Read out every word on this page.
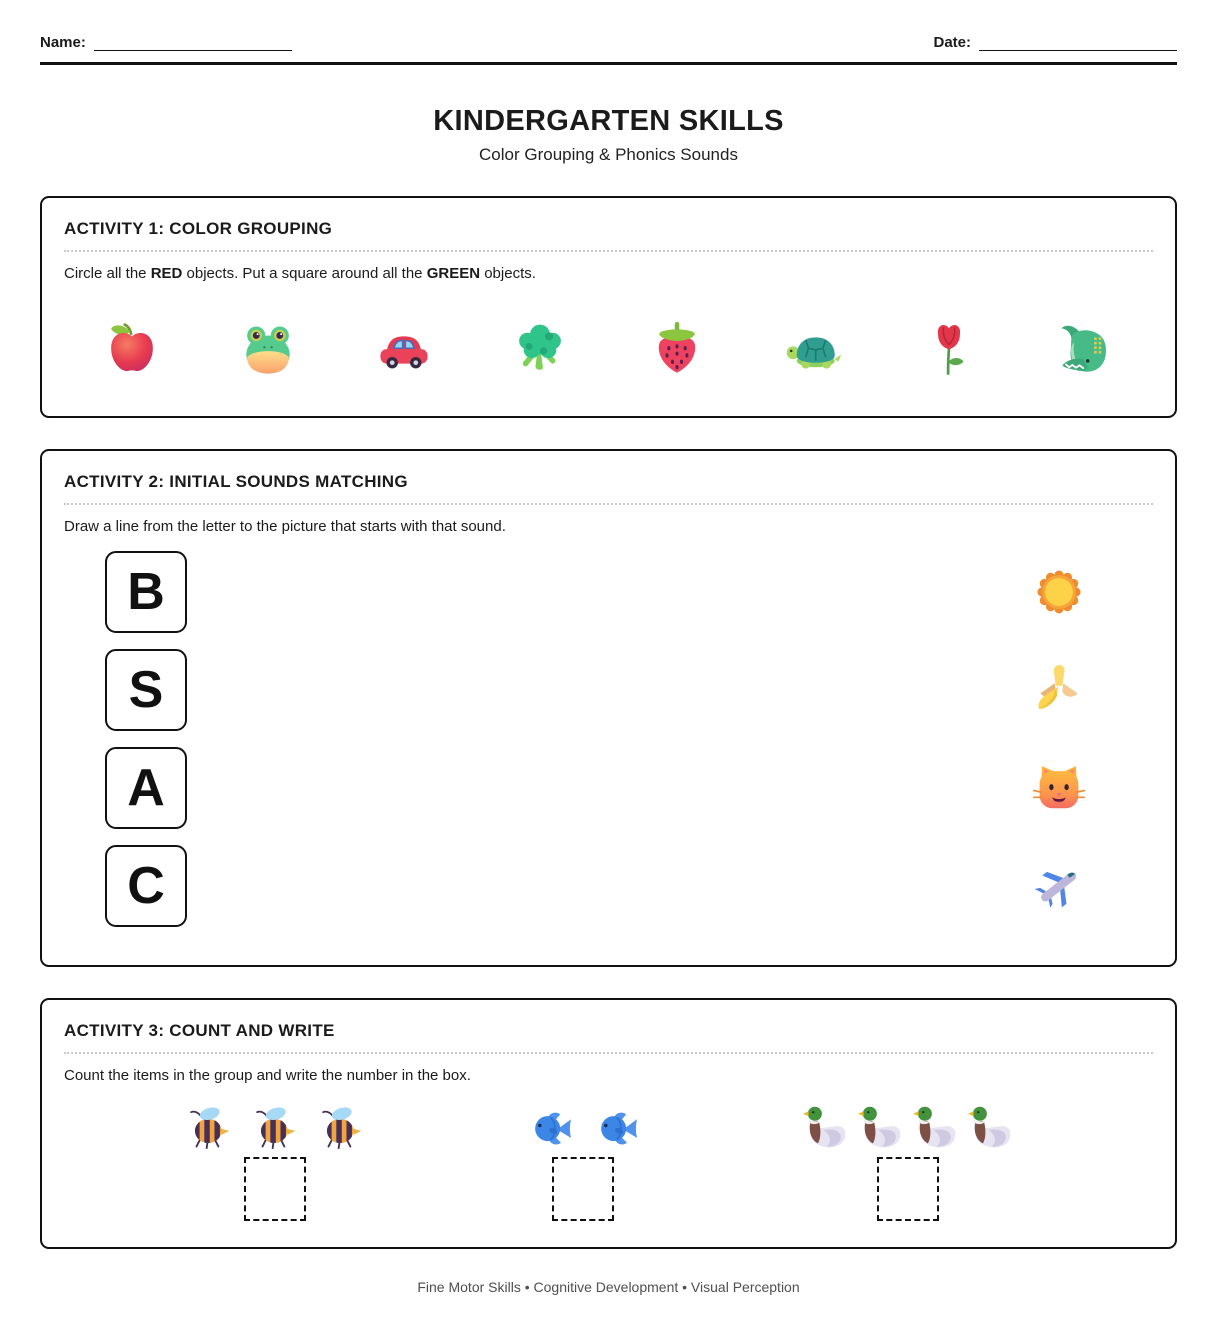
Name:	Date:
KINDERGARTEN SKILLS
Color Grouping & Phonics Sounds
ACTIVITY 1: COLOR GROUPING

Circle all the RED objects. Put a square around all the GREEN objects.

ACTIVITY 2: INITIAL SOUNDS MATCHING

Draw a line from the letter to the picture that starts with that sound.

B
S
A
C
ACTIVITY 3: COUNT AND WRITE

Count the items in the group and write the number in the box.

Fine Motor Skills • Cognitive Development • Visual Perception
